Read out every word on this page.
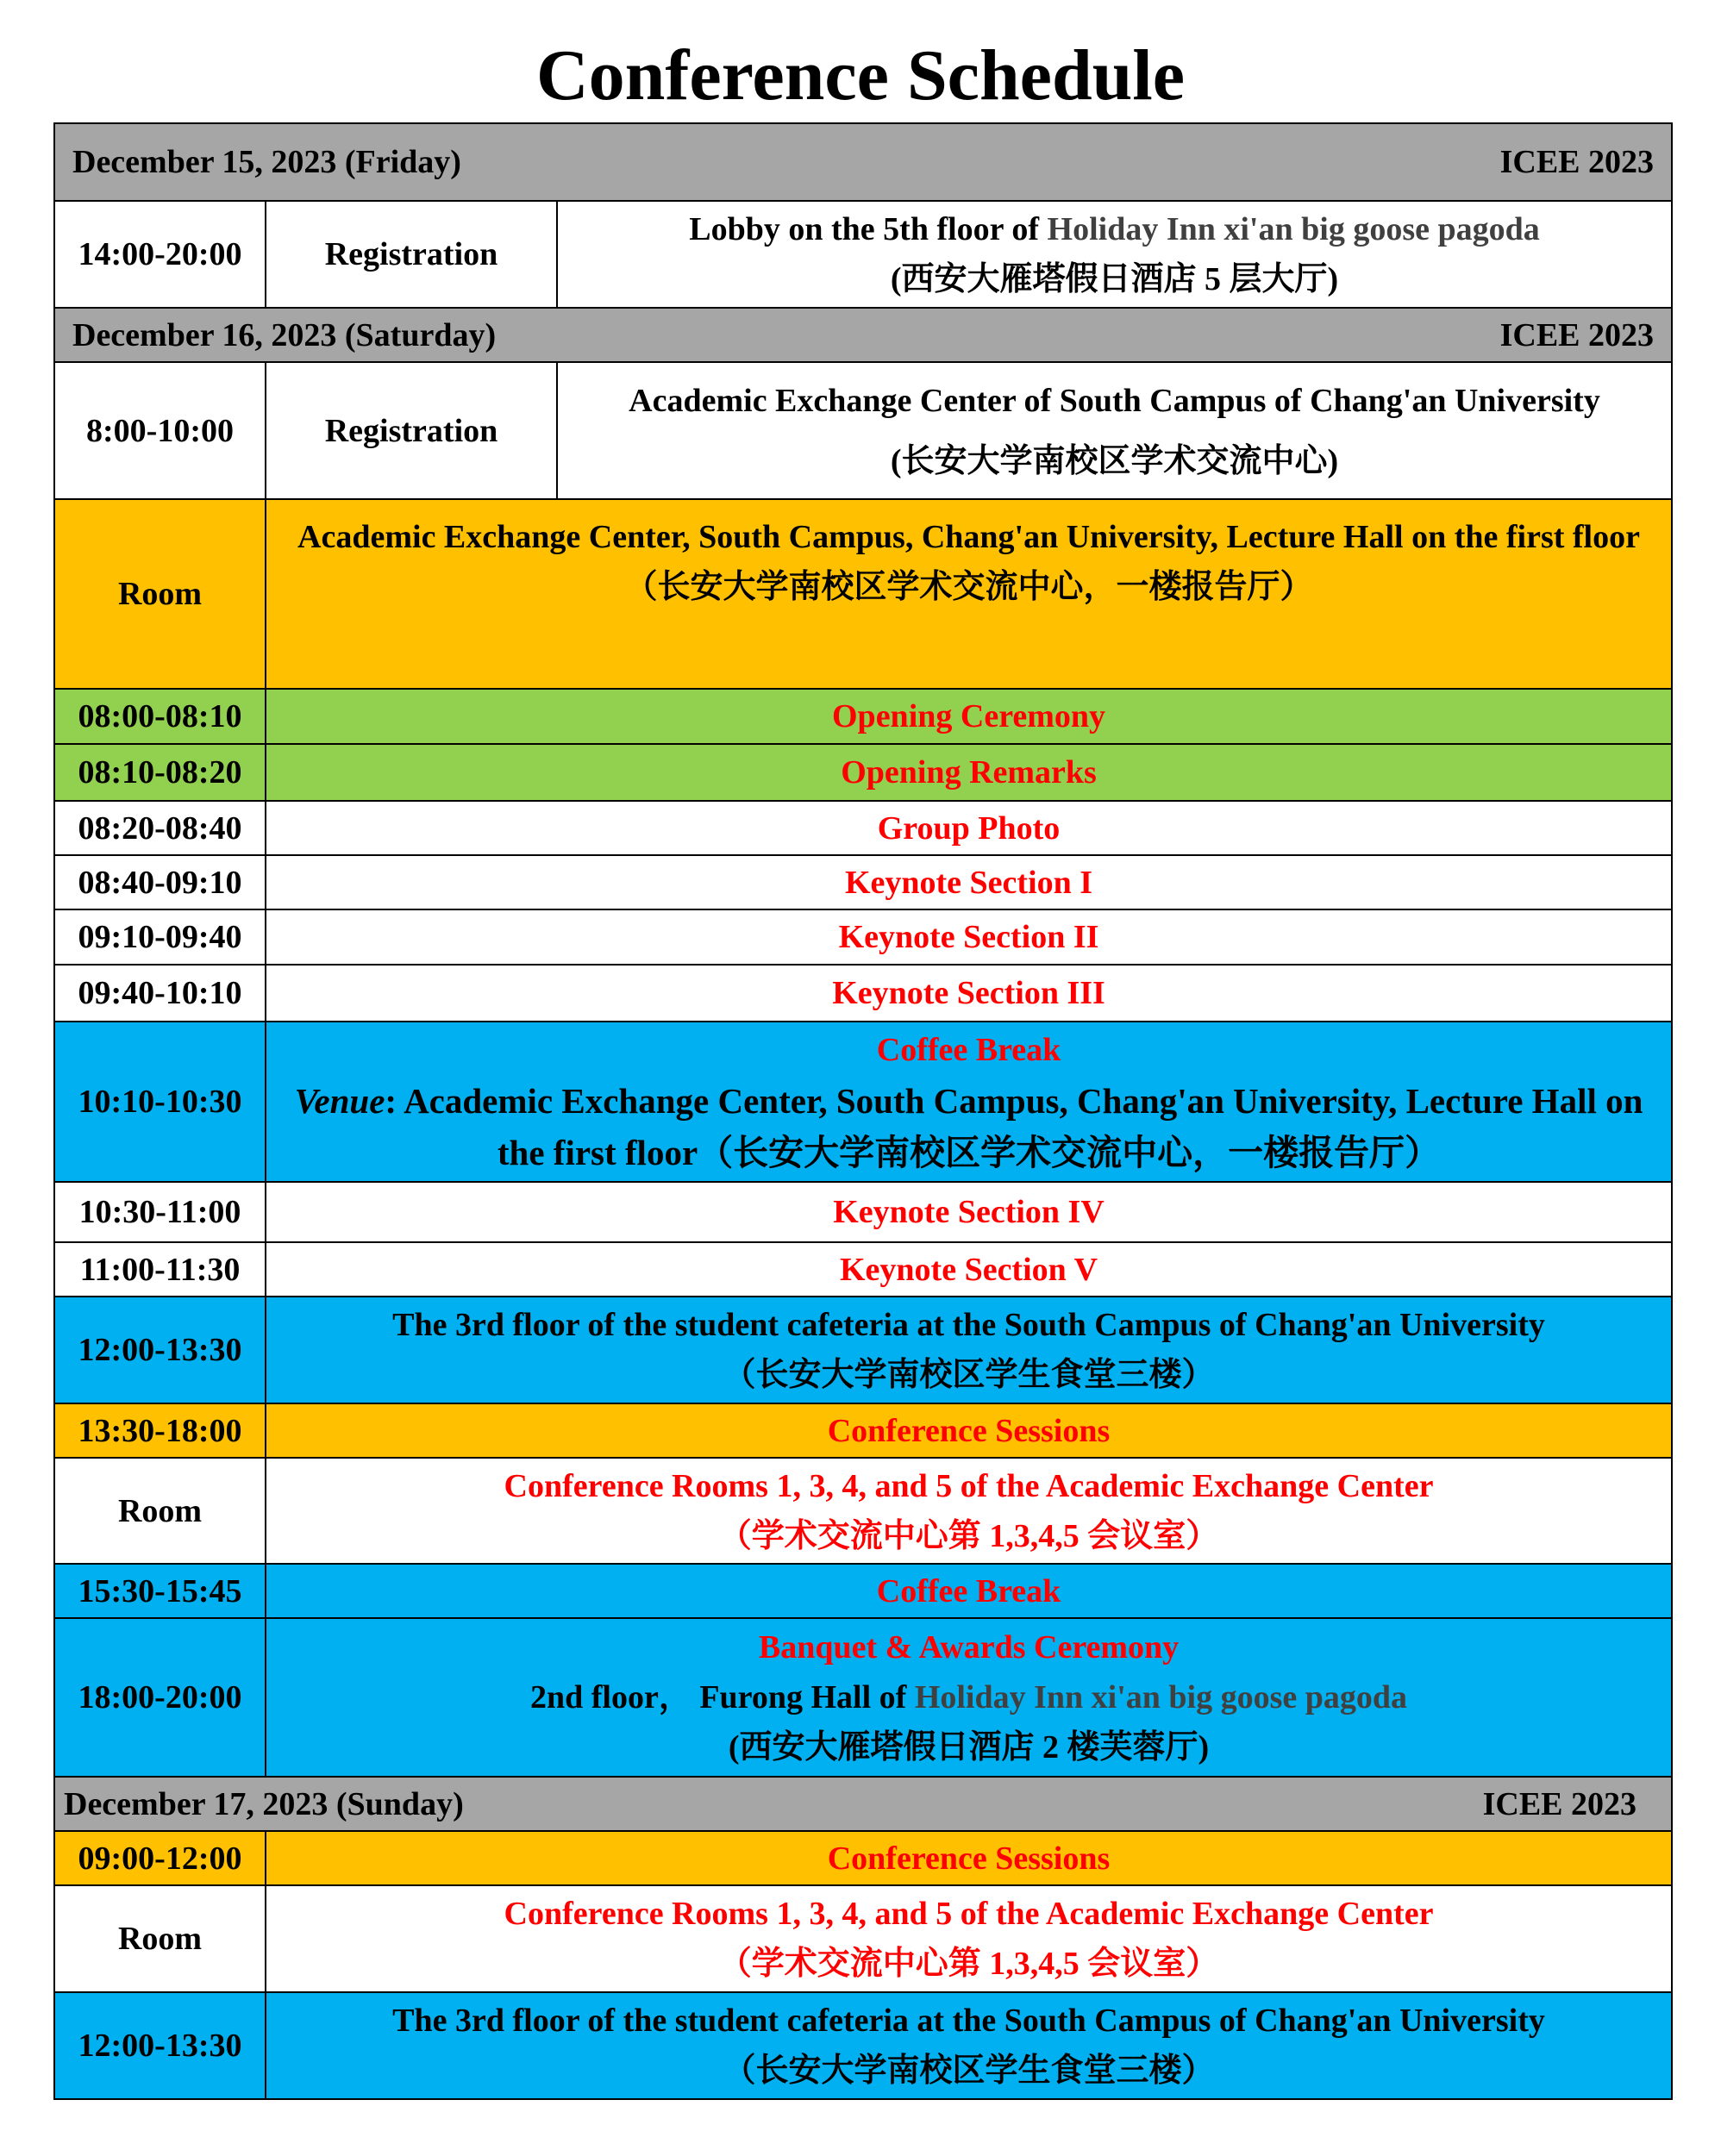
Conference Schedule
December 15, 2023 (Friday) ICEE 2023		

14:00-20:00	Registration	Lobby on the 5th floor of Holiday Inn xi'an big goose pagoda
(西安大雁塔假日酒店 5 层大厅)

December 16, 2023 (Saturday) ICEE 2023		

8:00-10:00	Registration	Academic Exchange Center of South Campus of Chang'an University
(长安大学南校区学术交流中心)

Room	Academic Exchange Center, South Campus, Chang'an University, Lecture Hall on the first floor（长安大学南校区学术交流中心，一楼报告厅）	
08:00-08:10	Opening Ceremony	
08:10-08:20	Opening Remarks	
08:20-08:40	Group Photo	
08:40-09:10	Keynote Section I	
09:10-09:40	Keynote Section II	
09:40-10:10	Keynote Section III	
10:10-10:30	Coffee Break
Venue: Academic Exchange Center, South Campus, Chang'an University, Lecture Hall on the first floor（长安大学南校区学术交流中心，一楼报告厅）	

10:30-11:00	Keynote Section IV	
11:00-11:30	Keynote Section V	
12:00-13:30	The 3rd floor of the student cafeteria at the South Campus of Chang'an University
（长安大学南校区学生食堂三楼）	

13:30-18:00	Conference Sessions	
Room	Conference Rooms 1, 3, 4, and 5 of the Academic Exchange Center
（学术交流中心第 1,3,4,5 会议室）	

15:30-15:45	Coffee Break	
18:00-20:00	Banquet & Awards Ceremony
2nd floor， Furong Hall of Holiday Inn xi'an big goose pagoda
(西安大雁塔假日酒店 2 楼芙蓉厅)	

December 17, 2023 (Sunday) ICEE 2023		

09:00-12:00	Conference Sessions	
Room	Conference Rooms 1, 3, 4, and 5 of the Academic Exchange Center
（学术交流中心第 1,3,4,5 会议室）	

12:00-13:30	The 3rd floor of the student cafeteria at the South Campus of Chang'an University
（长安大学南校区学生食堂三楼）	
